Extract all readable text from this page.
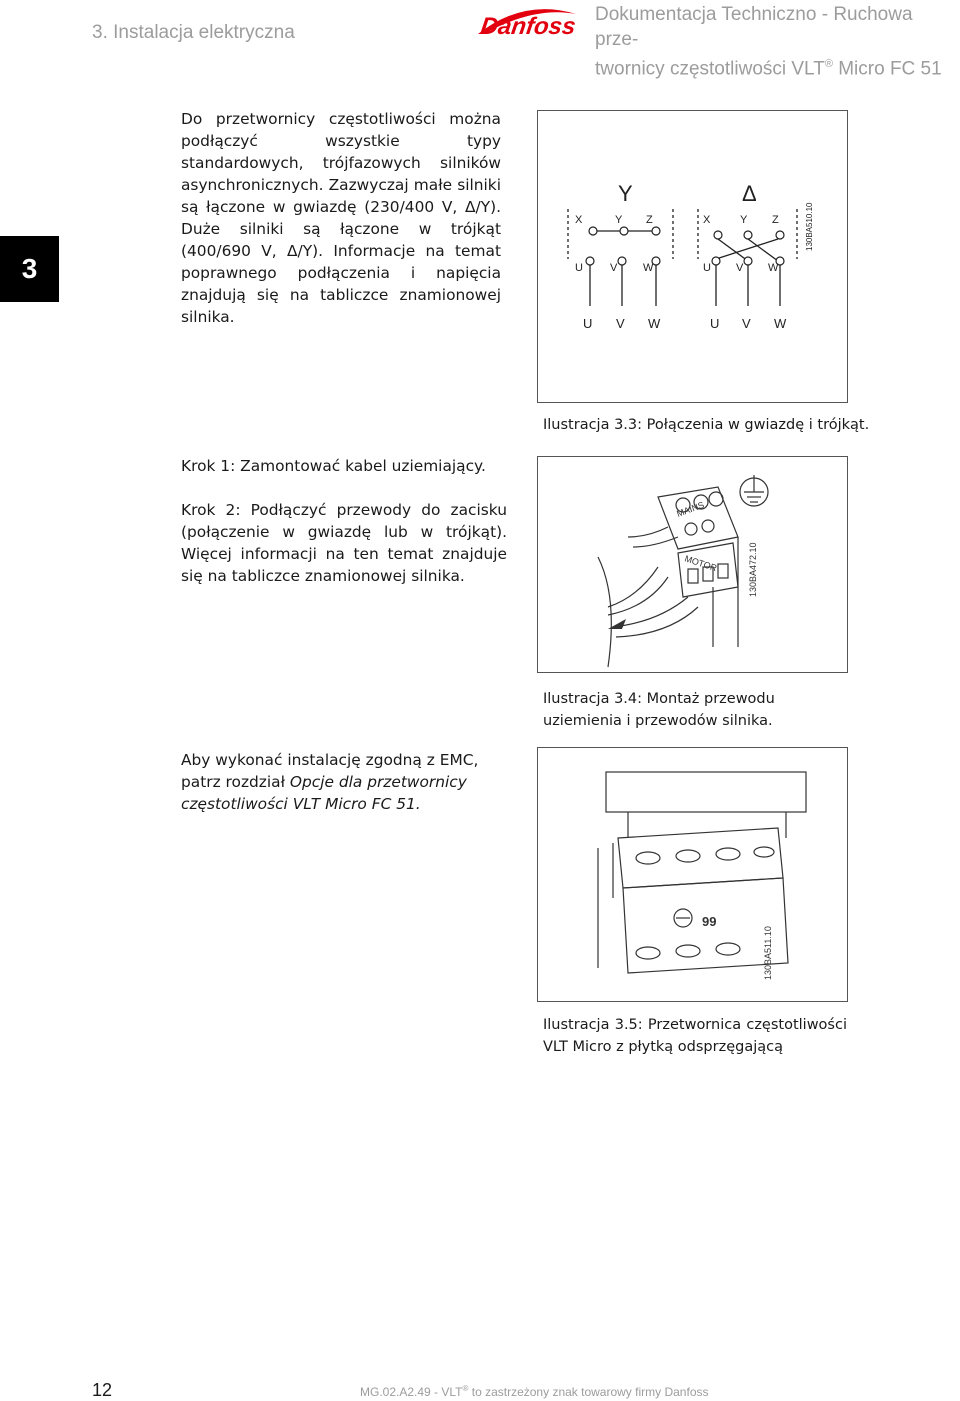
3. Instalacja elektryczna	Danfoss Dokumentacja Techniczno - Ruchowa prze-
twornicy częstotliwości VLT® Micro FC 51
3
Do przetwornicy częstotliwości można podłączyć wszystkie typy standardowych, trójfazowych silników asynchronicznych. Zazwyczaj małe silniki są łączone w gwiazdę (230/400 V, Δ/Y). Duże silniki są łączone w trójkąt (400/690 V, Δ/Y). Informacje na temat poprawnego podłączenia i napięcia znajdują się na tabliczce znamionowej silnika.
Krok 1: Zamontować kabel uziemiający.
Krok 2: Podłączyć przewody do zacisku (połączenie w gwiazdę lub w trójkąt). Więcej informacji na ten temat znajduje się na tabliczce znamionowej silnika.
Aby wykonać instalację zgodną z EMC, patrz rozdział Opcje dla przetwornicy częstotliwości VLT Micro FC 51.
Y	Δ
X	Y Z
U V W
X	Y Z
U V W
U V W	U V W
130BA510.10
Ilustracja 3.3: Połączenia w gwiazdę i trójkąt.
MAINS
MOTOR	130BA472.10
Ilustracja 3.4: Montaż przewodu uziemienia i przewodów silnika.
99
130BA511.10
Ilustracja 3.5: Przetwornica częstotliwości VLT Micro z płytką odsprzęgającą
12	MG.02.A2.49 - VLT® to zastrzeżony znak towarowy firmy Danfoss
